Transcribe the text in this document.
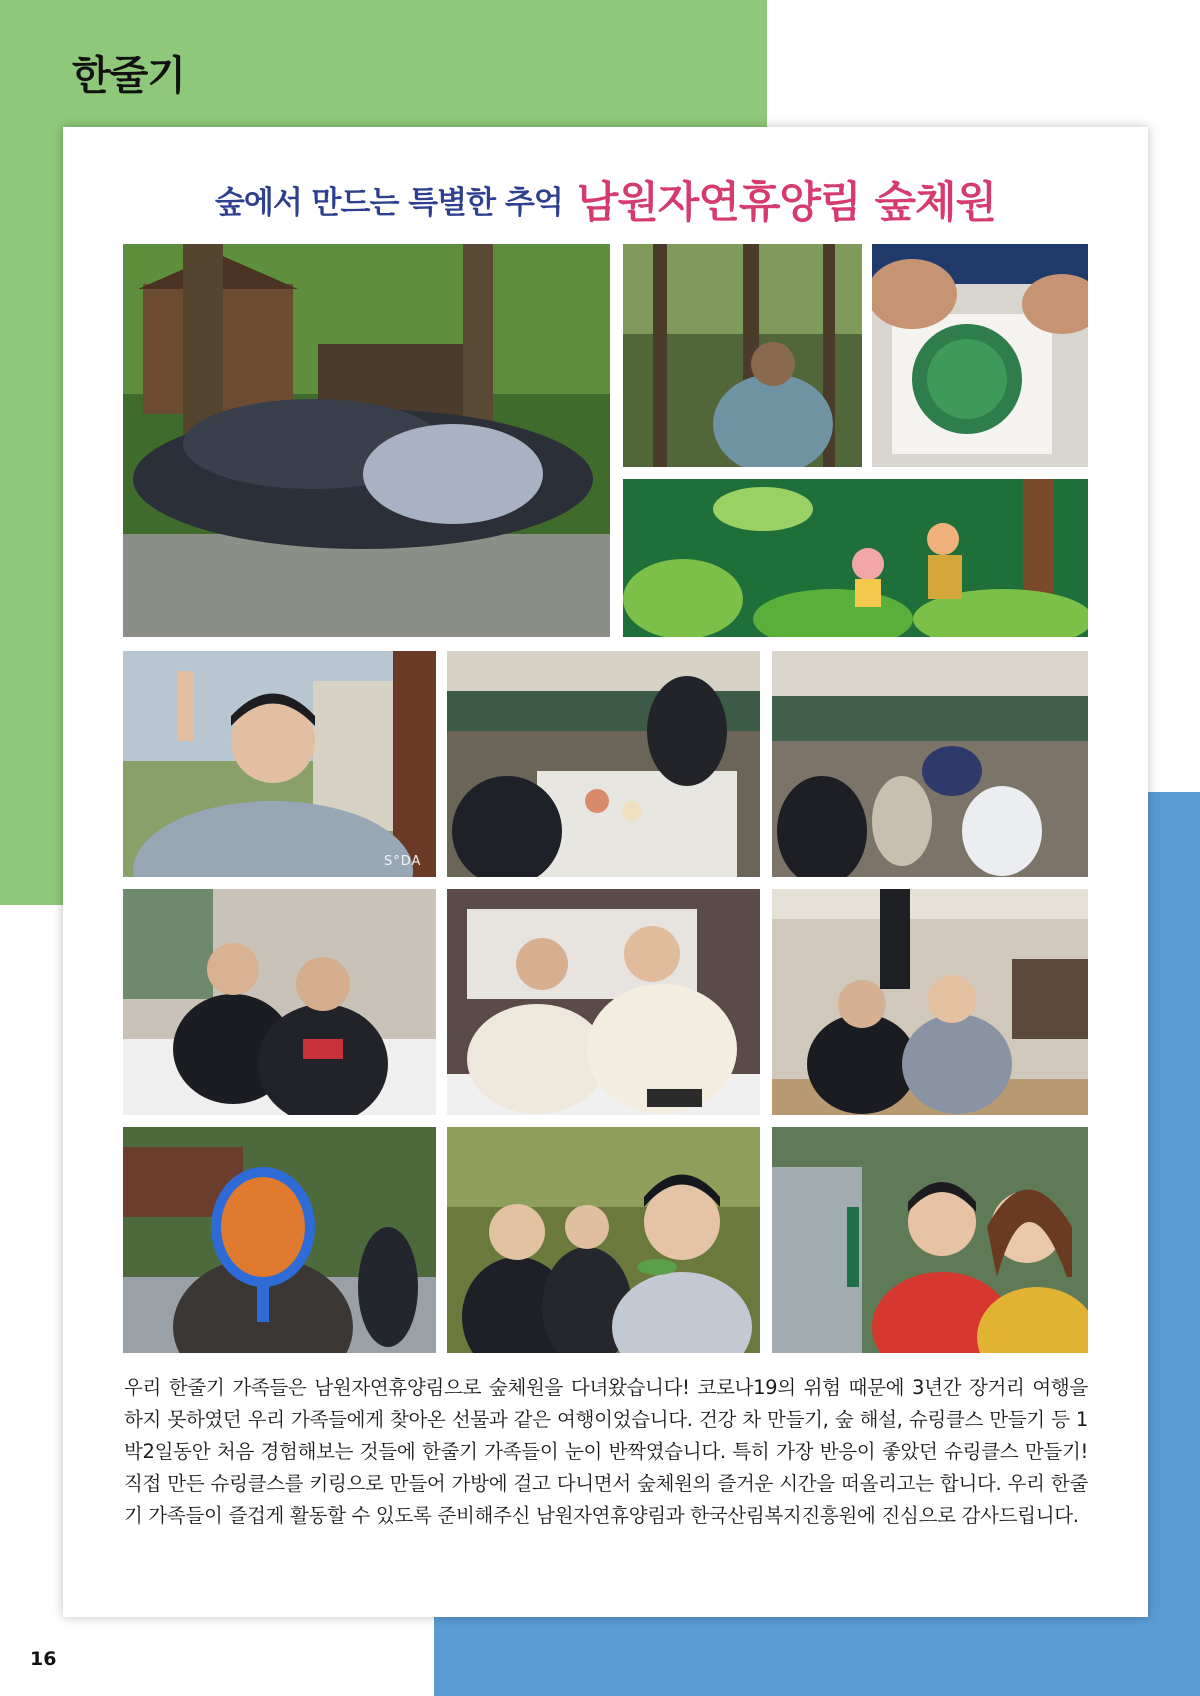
한줄기
숲에서 만드는 특별한 추억 남원자연휴양림 숲체원
S°DA
우리 한줄기 가족들은 남원자연휴양림으로 숲체원을 다녀왔습니다! 코로나19의 위험 때문에 3년간 장거리 여행을 하지 못하였던 우리 가족들에게 찾아온 선물과 같은 여행이었습니다. 건강 차 만들기, 숲 해설, 슈링클스 만들기 등 1박2일동안 처음 경험해보는 것들에 한줄기 가족들이 눈이 반짝였습니다. 특히 가장 반응이 좋았던 슈링클스 만들기! 직접 만든 슈링클스를 키링으로 만들어 가방에 걸고 다니면서 숲체원의 즐거운 시간을 떠올리고는 합니다. 우리 한줄기 가족들이 즐겁게 활동할 수 있도록 준비해주신 남원자연휴양림과 한국산림복지진흥원에 진심으로 감사드립니다.
16
